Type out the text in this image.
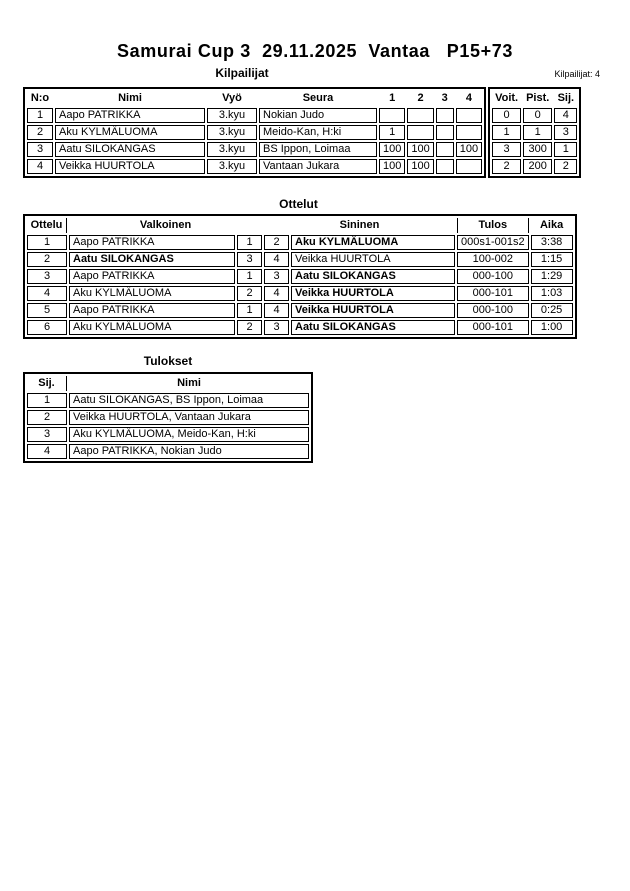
Samurai Cup 3  29.11.2025  Vantaa   P15+73
Kilpailijat	Kilpailijat: 4
N:o	Nimi	Vyö	Seura	1	2	3	4
1	Aapo PATRIKKA	3.kyu	Nokian Judo				
2	Aku KYLMÄLUOMA	3.kyu	Meido-Kan, H:ki	1			
3	Aatu SILOKANGAS	3.kyu	BS Ippon, Loimaa	100	100		100
4	Veikka HUURTOLA	3.kyu	Vantaan Jukara	100	100		
Voit.	Pist.	Sij.
0	0	4
1	1	3
3	300	1
2	200	2
Ottelut
Ottelu	Valkoinen		Sininen		Tulos	Aika
1	Aapo PATRIKKA	1	2	Aku KYLMÄLUOMA	000s1-001s2	3:38
2	Aatu SILOKANGAS	3	4	Veikka HUURTOLA	100-002	1:15
3	Aapo PATRIKKA	1	3	Aatu SILOKANGAS	000-100	1:29
4	Aku KYLMÄLUOMA	2	4	Veikka HUURTOLA	000-101	1:03
5	Aapo PATRIKKA	1	4	Veikka HUURTOLA	000-100	0:25
6	Aku KYLMÄLUOMA	2	3	Aatu SILOKANGAS	000-101	1:00
Tulokset
Sij.	Nimi
1	Aatu SILOKANGAS, BS Ippon, Loimaa
2	Veikka HUURTOLA, Vantaan Jukara
3	Aku KYLMÄLUOMA, Meido-Kan, H:ki
4	Aapo PATRIKKA, Nokian Judo
